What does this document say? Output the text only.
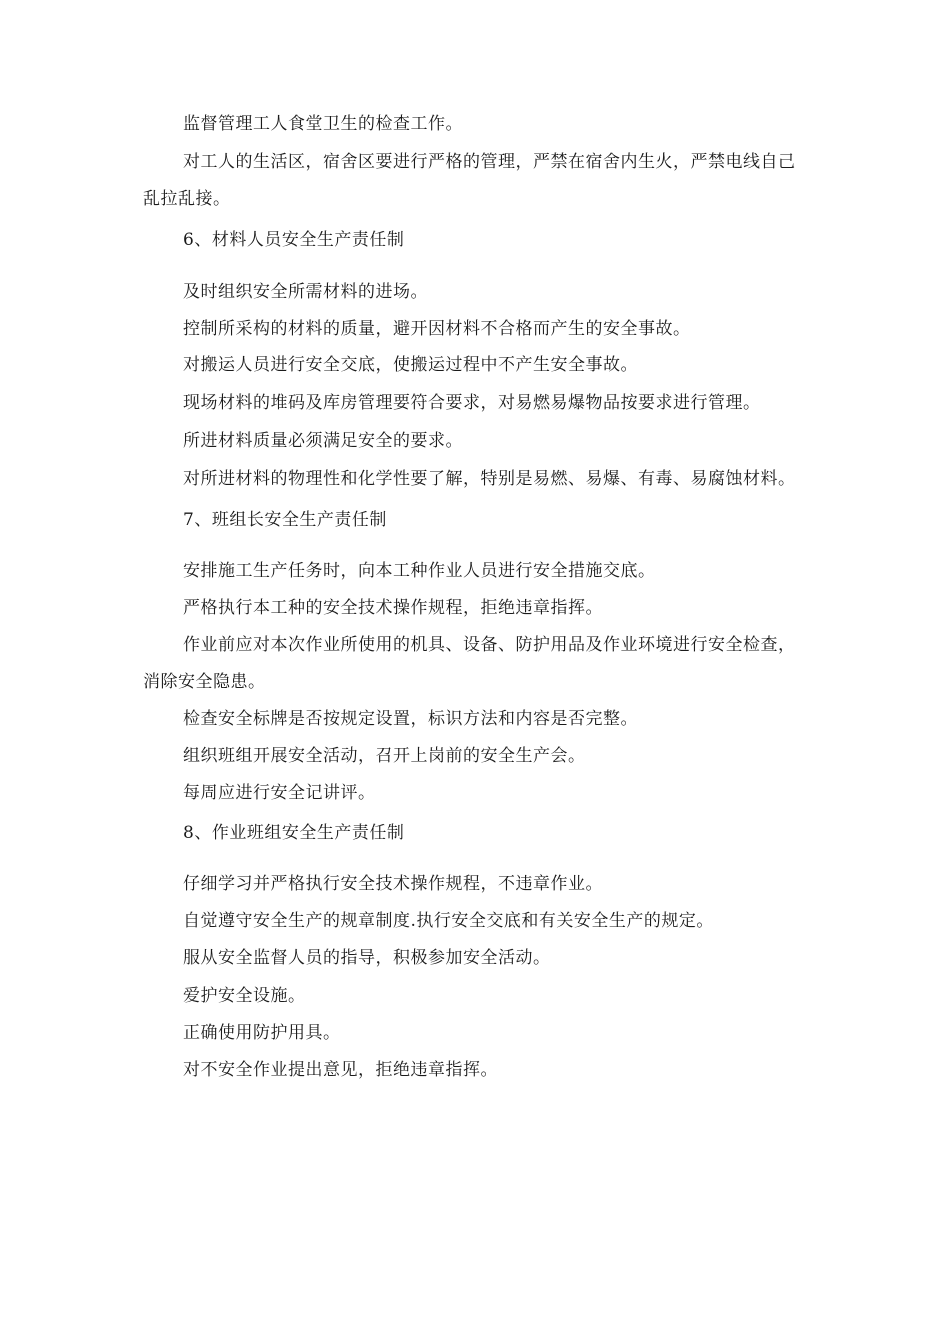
监督管理工人食堂卫生的检查工作。
对工人的生活区，宿舍区要进行严格的管理，严禁在宿舍内生火，严禁电线自己
乱拉乱接。
6、材料人员安全生产责任制
及时组织安全所需材料的进场。
控制所采构的材料的质量，避开因材料不合格而产生的安全事故。
对搬运人员进行安全交底，使搬运过程中不产生安全事故。
现场材料的堆码及库房管理要符合要求，对易燃易爆物品按要求进行管理。
所进材料质量必须满足安全的要求。
对所进材料的物理性和化学性要了解，特别是易燃、易爆、有毒、易腐蚀材料。
7、班组长安全生产责任制
安排施工生产任务时，向本工种作业人员进行安全措施交底。
严格执行本工种的安全技术操作规程，拒绝违章指挥。
作业前应对本次作业所使用的机具、设备、防护用品及作业环境进行安全检查，
消除安全隐患。
检查安全标牌是否按规定设置，标识方法和内容是否完整。
组织班组开展安全活动，召开上岗前的安全生产会。
每周应进行安全记讲评。
8、作业班组安全生产责任制
仔细学习并严格执行安全技术操作规程，不违章作业。
自觉遵守安全生产的规章制度.执行安全交底和有关安全生产的规定。
服从安全监督人员的指导，积极参加安全活动。
爱护安全设施。
正确使用防护用具。
对不安全作业提出意见，拒绝违章指挥。
